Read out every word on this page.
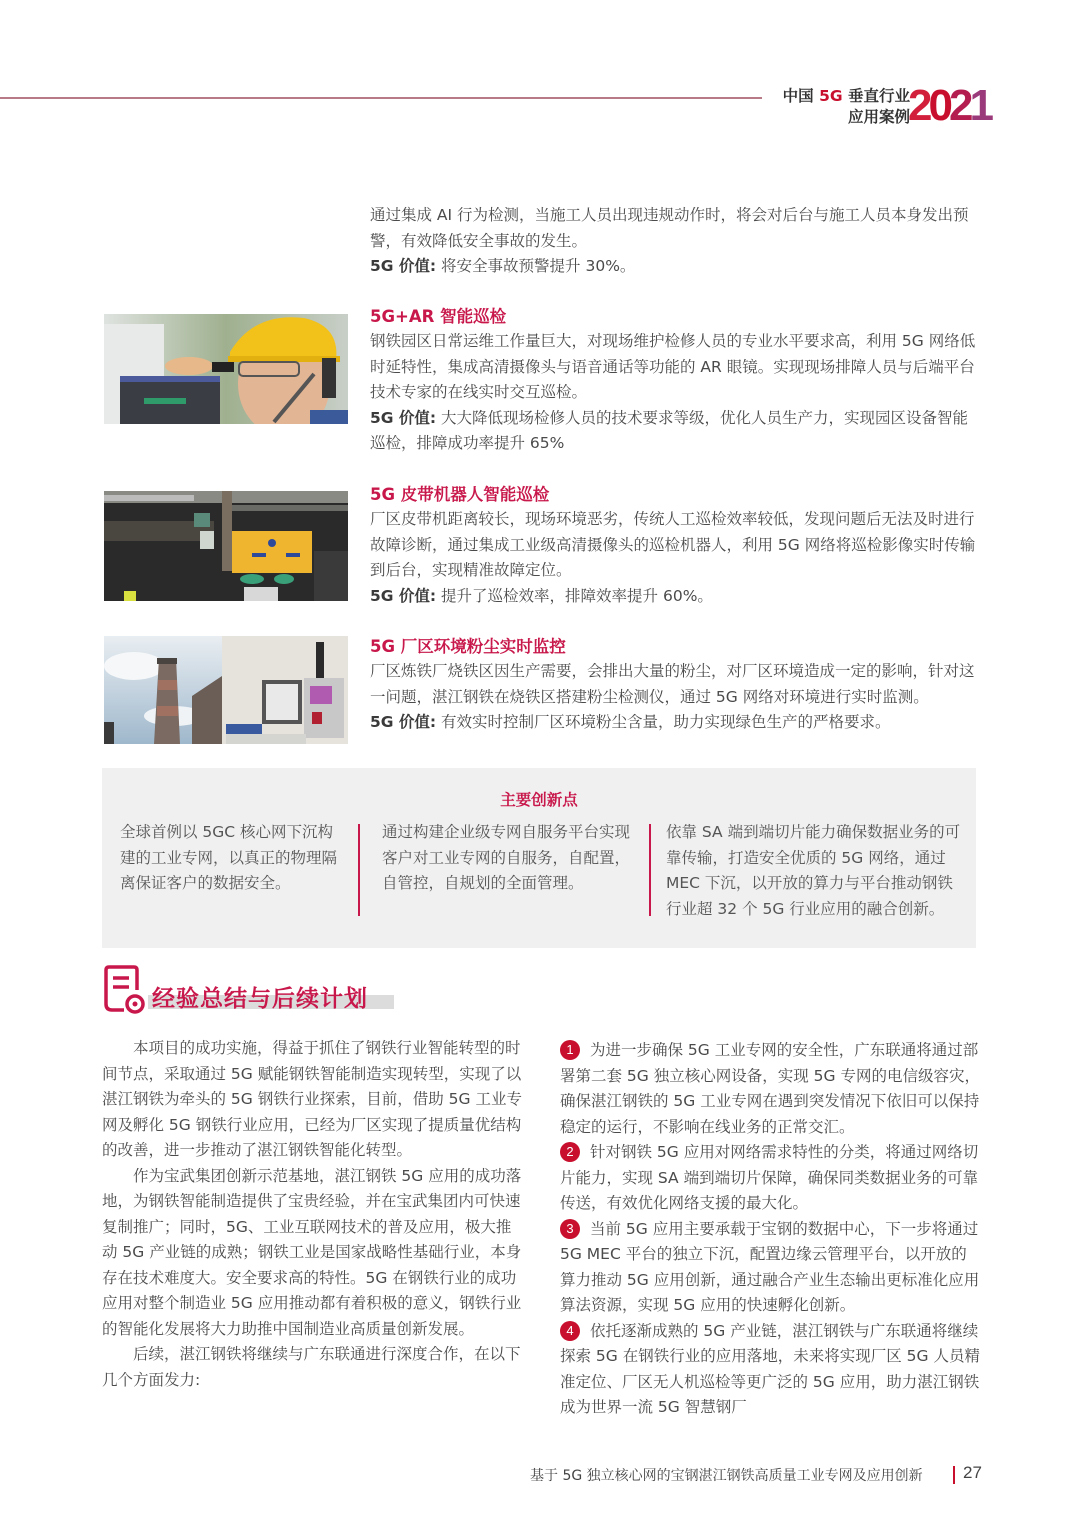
中国 5G 垂直行业
应用案例
2021
通过集成 AI 行为检测，当施工人员出现违规动作时，将会对后台与施工人员本身发出预警，有效降低安全事故的发生。
5G 价值: 将安全事故预警提升 30%。
5G+AR 智能巡检
钢铁园区日常运维工作量巨大，对现场维护检修人员的专业水平要求高，利用 5G 网络低时延特性，集成高清摄像头与语音通话等功能的 AR 眼镜。实现现场排障人员与后端平台技术专家的在线实时交互巡检。
5G 价值: 大大降低现场检修人员的技术要求等级，优化人员生产力，实现园区设备智能巡检，排障成功率提升 65%
5G 皮带机器人智能巡检
厂区皮带机距离较长，现场环境恶劣，传统人工巡检效率较低，发现问题后无法及时进行故障诊断，通过集成工业级高清摄像头的巡检机器人，利用 5G 网络将巡检影像实时传输到后台，实现精准故障定位。
5G 价值: 提升了巡检效率，排障效率提升 60%。
5G 厂区环境粉尘实时监控
厂区炼铁厂烧铁区因生产需要，会排出大量的粉尘，对厂区环境造成一定的影响，针对这一问题，湛江钢铁在烧铁区搭建粉尘检测仪，通过 5G 网络对环境进行实时监测。
5G 价值: 有效实时控制厂区环境粉尘含量，助力实现绿色生产的严格要求。
主要创新点
全球首例以 5GC 核心网下沉构建的工业专网，以真正的物理隔离保证客户的数据安全。
通过构建企业级专网自服务平台实现客户对工业专网的自服务，自配置，自管控，自规划的全面管理。
依靠 SA 端到端切片能力确保数据业务的可靠传输，打造安全优质的 5G 网络，通过 MEC 下沉，以开放的算力与平台推动钢铁行业超 32 个 5G 行业应用的融合创新。
经验总结与后续计划
本项目的成功实施，得益于抓住了钢铁行业智能转型的时间节点，采取通过 5G 赋能钢铁智能制造实现转型，实现了以湛江钢铁为牵头的 5G 钢铁行业探索，目前，借助 5G 工业专网及孵化 5G 钢铁行业应用，已经为厂区实现了提质量优结构的改善，进一步推动了湛江钢铁智能化转型。
作为宝武集团创新示范基地，湛江钢铁 5G 应用的成功落地，为钢铁智能制造提供了宝贵经验，并在宝武集团内可快速复制推广；同时，5G、工业互联网技术的普及应用，极大推动 5G 产业链的成熟；钢铁工业是国家战略性基础行业，本身存在技术难度大。安全要求高的特性。5G 在钢铁行业的成功应用对整个制造业 5G 应用推动都有着积极的意义，钢铁行业的智能化发展将大力助推中国制造业高质量创新发展。
后续，湛江钢铁将继续与广东联通进行深度合作，在以下几个方面发力:
1 为进一步确保 5G 工业专网的安全性，广东联通将通过部署第二套 5G 独立核心网设备，实现 5G 专网的电信级容灾，确保湛江钢铁的 5G 工业专网在遇到突发情况下依旧可以保持稳定的运行，不影响在线业务的正常交汇。
2 针对钢铁 5G 应用对网络需求特性的分类，将通过网络切片能力，实现 SA 端到端切片保障，确保同类数据业务的可靠传送，有效优化网络支援的最大化。
3 当前 5G 应用主要承载于宝钢的数据中心，下一步将通过 5G MEC 平台的独立下沉，配置边缘云管理平台，以开放的算力推动 5G 应用创新，通过融合产业生态输出更标准化应用算法资源，实现 5G 应用的快速孵化创新。
4 依托逐渐成熟的 5G 产业链，湛江钢铁与广东联通将继续探索 5G 在钢铁行业的应用落地，未来将实现厂区 5G 人员精准定位、厂区无人机巡检等更广泛的 5G 应用，助力湛江钢铁成为世界一流 5G 智慧钢厂
基于 5G 独立核心网的宝钢湛江钢铁高质量工业专网及应用创新 27
